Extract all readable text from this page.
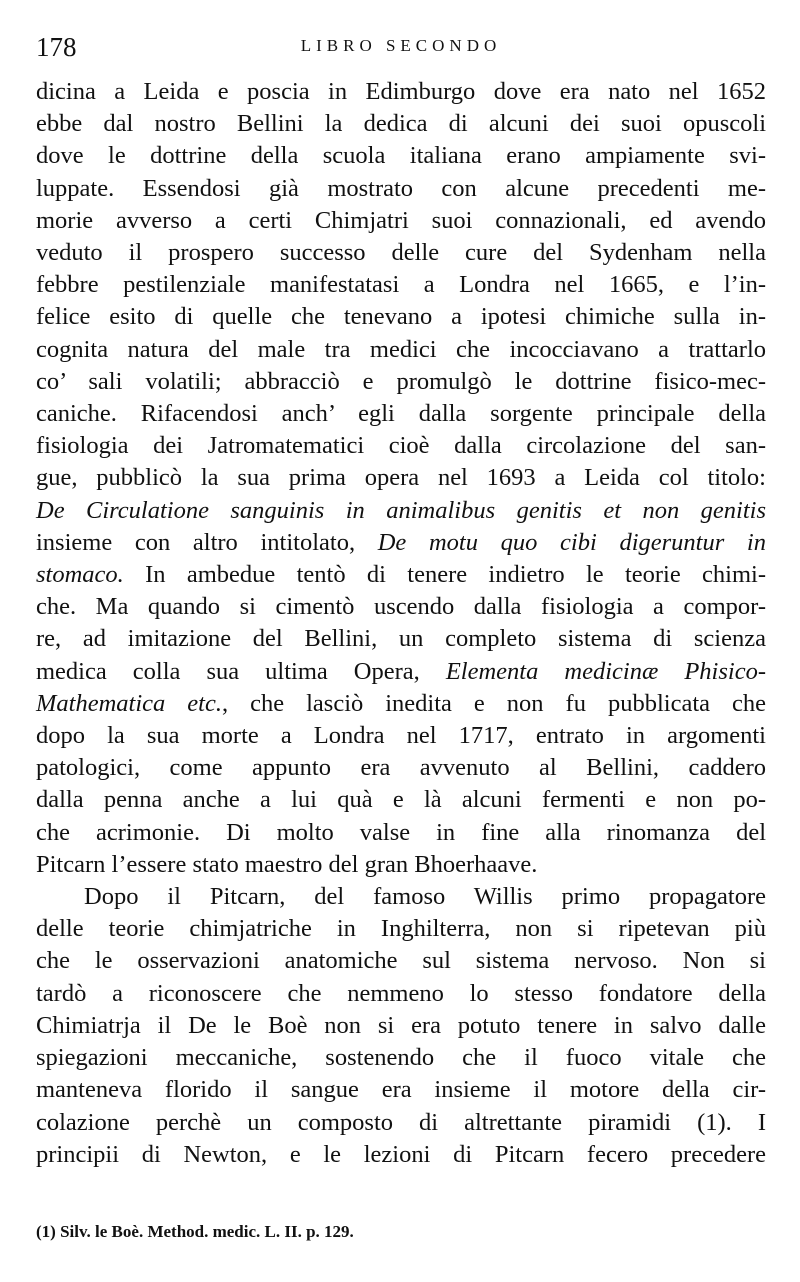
178	LIBRO SECONDO
dicina a Leida e poscia in Edimburgo dove era nato nel 1652
ebbe dal nostro Bellini la dedica di alcuni dei suoi opuscoli
dove le dottrine della scuola italiana erano ampiamente svi-
luppate. Essendosi già mostrato con alcune precedenti me-
morie avverso a certi Chimjatri suoi connazionali, ed avendo
veduto il prospero successo delle cure del Sydenham nella
febbre pestilenziale manifestatasi a Londra nel 1665, e l’in-
felice esito di quelle che tenevano a ipotesi chimiche sulla in-
cognita natura del male tra medici che incocciavano a trattarlo
co’ sali volatili; abbracciò e promulgò le dottrine fisico-mec-
caniche. Rifacendosi anch’ egli dalla sorgente principale della
fisiologia dei Jatromatematici cioè dalla circolazione del san-
gue, pubblicò la sua prima opera nel 1693 a Leida col titolo:
De Circulatione sanguinis in animalibus genitis et non genitis
insieme con altro intitolato, De motu quo cibi digeruntur in
stomaco. In ambedue tentò di tenere indietro le teorie chimi-
che. Ma quando si cimentò uscendo dalla fisiologia a compor-
re, ad imitazione del Bellini, un completo sistema di scienza
medica colla sua ultima Opera, Elementa medicinæ Phisico-
Mathematica etc., che lasciò inedita e non fu pubblicata che
dopo la sua morte a Londra nel 1717, entrato in argomenti
patologici, come appunto era avvenuto al Bellini, caddero
dalla penna anche a lui quà e là alcuni fermenti e non po-
che acrimonie. Di molto valse in fine alla rinomanza del
Pitcarn l’essere stato maestro del gran Bhoerhaave.
Dopo il Pitcarn, del famoso Willis primo propagatore
delle teorie chimjatriche in Inghilterra, non si ripetevan più
che le osservazioni anatomiche sul sistema nervoso. Non si
tardò a riconoscere che nemmeno lo stesso fondatore della
Chimiatrja il De le Boè non si era potuto tenere in salvo dalle
spiegazioni meccaniche, sostenendo che il fuoco vitale che
manteneva florido il sangue era insieme il motore della cir-
colazione perchè un composto di altrettante piramidi (1). I
principii di Newton, e le lezioni di Pitcarn fecero precedere
(1) Silv. le Boè. Method. medic. L. II. p. 129.
